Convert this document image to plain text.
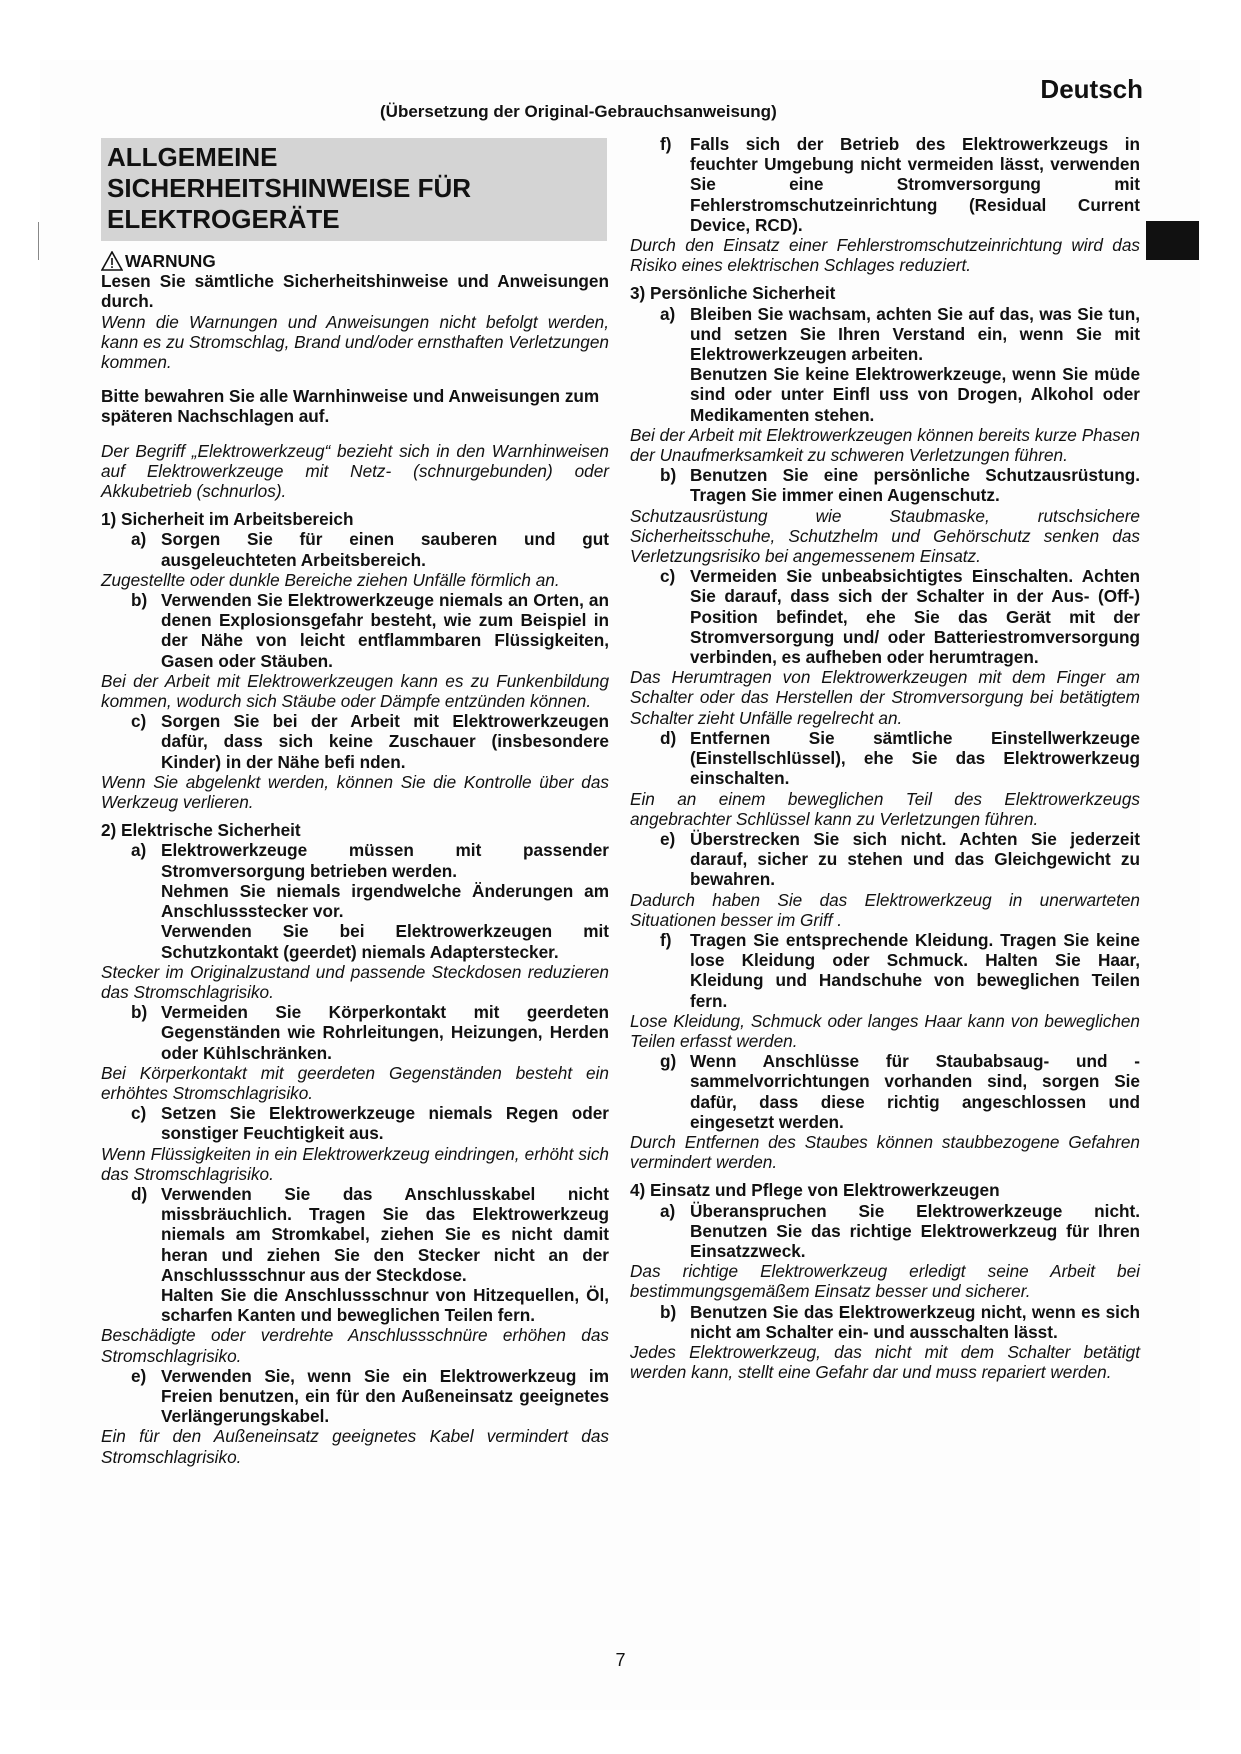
Deutsch
(Übersetzung der Original-Gebrauchsanweisung)
ALLGEMEINE
SICHERHEITSHINWEISE FÜR
ELEKTROGERÄTE
WARNUNG

Lesen Sie sämtliche Sicherheitshinweise und Anweisungen durch.

Wenn die Warnungen und Anweisungen nicht befolgt werden, kann es zu Stromschlag, Brand und/oder ernsthaften Verletzungen kommen.

Bitte bewahren Sie alle Warnhinweise und Anweisungen zum späteren Nachschlagen auf.

Der Begriff „Elektrowerkzeug“ bezieht sich in den Warnhinweisen auf Elektrowerkzeuge mit Netz- (schnurgebunden) oder Akkubetrieb (schnurlos).

1) Sicherheit im Arbeitsbereich

a) Sorgen Sie für einen sauberen und gut ausgeleuchteten Arbeitsbereich.

Zugestellte oder dunkle Bereiche ziehen Unfälle förmlich an.

b) Verwenden Sie Elektrowerkzeuge niemals an Orten, an denen Explosionsgefahr besteht, wie zum Beispiel in der Nähe von leicht entflammbaren Flüssigkeiten, Gasen oder Stäuben.

Bei der Arbeit mit Elektrowerkzeugen kann es zu Funkenbildung kommen, wodurch sich Stäube oder Dämpfe entzünden können.

c) Sorgen Sie bei der Arbeit mit Elektrowerkzeugen dafür, dass sich keine Zuschauer (insbesondere Kinder) in der Nähe befi nden.

Wenn Sie abgelenkt werden, können Sie die Kontrolle über das Werkzeug verlieren.

2) Elektrische Sicherheit

a) Elektrowerkzeuge müssen mit passender Stromversorgung betrieben werden.
Nehmen Sie niemals irgendwelche Änderungen am Anschlussstecker vor.
Verwenden Sie bei Elektrowerkzeugen mit Schutzkontakt (geerdet) niemals Adapterstecker.

Stecker im Originalzustand und passende Steckdosen reduzieren das Stromschlagrisiko.

b) Vermeiden Sie Körperkontakt mit geerdeten Gegenständen wie Rohrleitungen, Heizungen, Herden oder Kühlschränken.

Bei Körperkontakt mit geerdeten Gegenständen besteht ein erhöhtes Stromschlagrisiko.

c) Setzen Sie Elektrowerkzeuge niemals Regen oder sonstiger Feuchtigkeit aus.

Wenn Flüssigkeiten in ein Elektrowerkzeug eindringen, erhöht sich das Stromschlagrisiko.

d) Verwenden Sie das Anschlusskabel nicht missbräuchlich. Tragen Sie das Elektrowerkzeug niemals am Stromkabel, ziehen Sie es nicht damit heran und ziehen Sie den Stecker nicht an der Anschlussschnur aus der Steckdose.
Halten Sie die Anschlussschnur von Hitzequellen, Öl, scharfen Kanten und beweglichen Teilen fern.

Beschädigte oder verdrehte Anschlussschnüre erhöhen das Stromschlagrisiko.

e) Verwenden Sie, wenn Sie ein Elektrowerkzeug im Freien benutzen, ein für den Außeneinsatz geeignetes Verlängerungskabel.

Ein für den Außeneinsatz geeignetes Kabel vermindert das Stromschlagrisiko.

f)	Falls sich der Betrieb des Elektrowerkzeugs in feuchter Umgebung nicht vermeiden lässt, verwenden Sie eine Stromversorgung mit Fehlerstromschutzeinrichtung (Residual Current Device, RCD).

Durch den Einsatz einer Fehlerstromschutzeinrichtung wird das Risiko eines elektrischen Schlages reduziert.

3) Persönliche Sicherheit

a) Bleiben Sie wachsam, achten Sie auf das, was Sie tun, und setzen Sie Ihren Verstand ein, wenn Sie mit Elektrowerkzeugen arbeiten.
Benutzen Sie keine Elektrowerkzeuge, wenn Sie müde sind oder unter Einfl uss von Drogen, Alkohol oder Medikamenten stehen.

Bei der Arbeit mit Elektrowerkzeugen können bereits kurze Phasen der Unaufmerksamkeit zu schweren Verletzungen führen.

b) Benutzen Sie eine persönliche Schutzausrüstung. Tragen Sie immer einen Augenschutz.

Schutzausrüstung wie Staubmaske, rutschsichere Sicherheitsschuhe, Schutzhelm und Gehörschutz senken das Verletzungsrisiko bei angemessenem Einsatz.

c) Vermeiden Sie unbeabsichtigtes Einschalten. Achten Sie darauf, dass sich der Schalter in der Aus- (Off-) Position befindet, ehe Sie das Gerät mit der Stromversorgung und/ oder Batteriestromversorgung verbinden, es aufheben oder herumtragen.

Das Herumtragen von Elektrowerkzeugen mit dem Finger am Schalter oder das Herstellen der Stromversorgung bei betätigtem Schalter zieht Unfälle regelrecht an.

d) Entfernen Sie sämtliche Einstellwerkzeuge (Einstellschlüssel), ehe Sie das Elektrowerkzeug einschalten.

Ein an einem beweglichen Teil des Elektrowerkzeugs angebrachter Schlüssel kann zu Verletzungen führen.

e) Überstrecken Sie sich nicht. Achten Sie jederzeit darauf, sicher zu stehen und das Gleichgewicht zu bewahren.

Dadurch haben Sie das Elektrowerkzeug in unerwarteten Situationen besser im Griff .

f)	Tragen Sie entsprechende Kleidung. Tragen Sie keine lose Kleidung oder Schmuck. Halten Sie Haar, Kleidung und Handschuhe von beweglichen Teilen fern.

Lose Kleidung, Schmuck oder langes Haar kann von beweglichen Teilen erfasst werden.

g) Wenn Anschlüsse für Staubabsaug- und - sammelvorrichtungen vorhanden sind, sorgen Sie dafür, dass diese richtig angeschlossen und eingesetzt werden.

Durch Entfernen des Staubes können staubbezogene Gefahren vermindert werden.

4) Einsatz und Pflege von Elektrowerkzeugen

a) Überanspruchen Sie Elektrowerkzeuge nicht. Benutzen Sie das richtige Elektrowerkzeug für Ihren Einsatzzweck.

Das richtige Elektrowerkzeug erledigt seine Arbeit bei bestimmungsgemäßem Einsatz besser und sicherer.

b) Benutzen Sie das Elektrowerkzeug nicht, wenn es sich nicht am Schalter ein- und ausschalten lässt.

Jedes Elektrowerkzeug, das nicht mit dem Schalter betätigt werden kann, stellt eine Gefahr dar und muss repariert werden.

7
